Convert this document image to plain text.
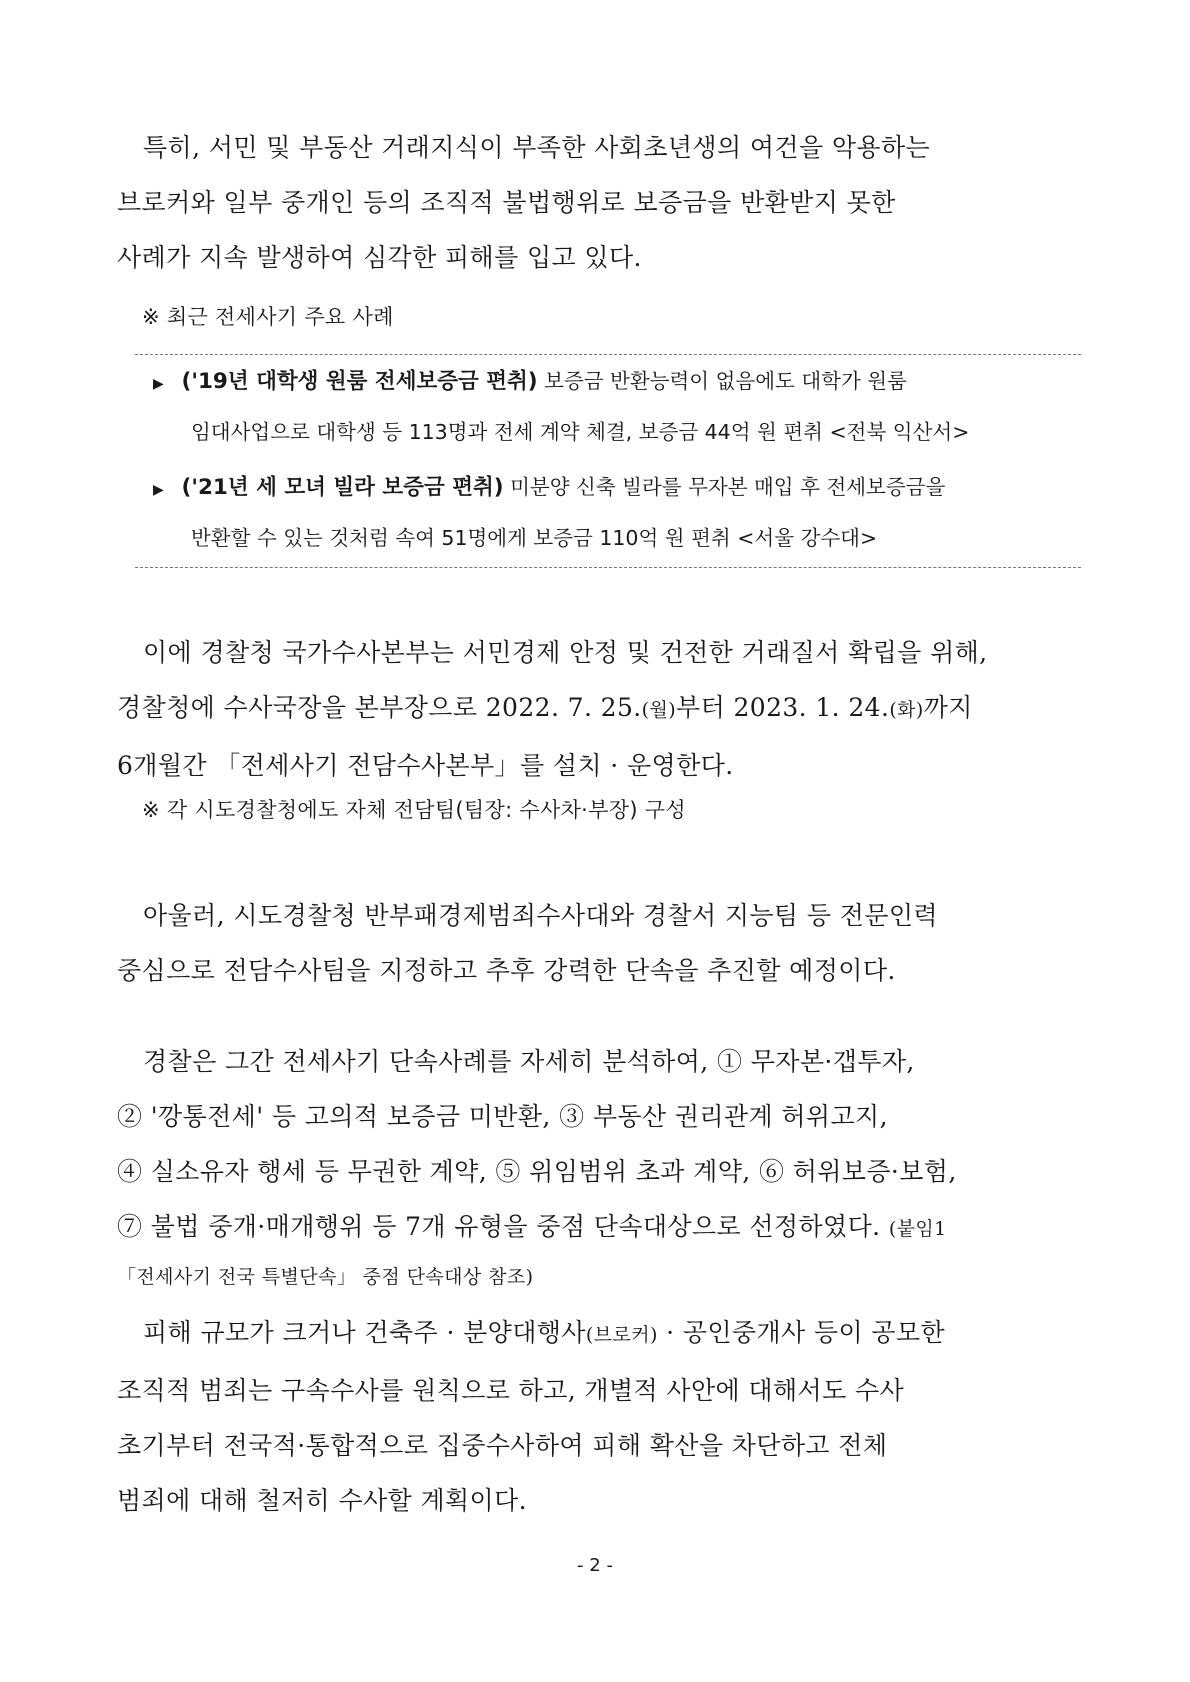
특히, 서민 및 부동산 거래지식이 부족한 사회초년생의 여건을 악용하는
브로커와 일부 중개인 등의 조직적 불법행위로 보증금을 반환받지 못한
사례가 지속 발생하여 심각한 피해를 입고 있다.

※ 최근 전세사기 주요 사례

▶ ('19년 대학생 원룸 전세보증금 편취) 보증금 반환능력이 없음에도 대학가 원룸
임대사업으로 대학생 등 113명과 전세 계약 체결, 보증금 44억 원 편취 <전북 익산서>
▶ ('21년 세 모녀 빌라 보증금 편취) 미분양 신축 빌라를 무자본 매입 후 전세보증금을
반환할 수 있는 것처럼 속여 51명에게 보증금 110억 원 편취 <서울 강수대>
이에 경찰청 국가수사본부는 서민경제 안정 및 건전한 거래질서 확립을 위해,
경찰청에 수사국장을 본부장으로 2022. 7. 25.(월)부터 2023. 1. 24.(화)까지
6개월간 「전세사기 전담수사본부」를 설치 · 운영한다.

※ 각 시도경찰청에도 자체 전담팀(팀장: 수사차·부장) 구성

아울러, 시도경찰청 반부패경제범죄수사대와 경찰서 지능팀 등 전문인력
중심으로 전담수사팀을 지정하고 추후 강력한 단속을 추진할 예정이다.
경찰은 그간 전세사기 단속사례를 자세히 분석하여, ① 무자본·갭투자,
② '깡통전세' 등 고의적 보증금 미반환, ③ 부동산 권리관계 허위고지,
④ 실소유자 행세 등 무권한 계약, ⑤ 위임범위 초과 계약, ⑥ 허위보증·보험,
⑦ 불법 중개·매개행위 등 7개 유형을 중점 단속대상으로 선정하였다. (붙임1
「전세사기 전국 특별단속」 중점 단속대상 참조)
피해 규모가 크거나 건축주 · 분양대행사(브로커) · 공인중개사 등이 공모한
조직적 범죄는 구속수사를 원칙으로 하고, 개별적 사안에 대해서도 수사
초기부터 전국적·통합적으로 집중수사하여 피해 확산을 차단하고 전체
범죄에 대해 철저히 수사할 계획이다.
- 2 -
